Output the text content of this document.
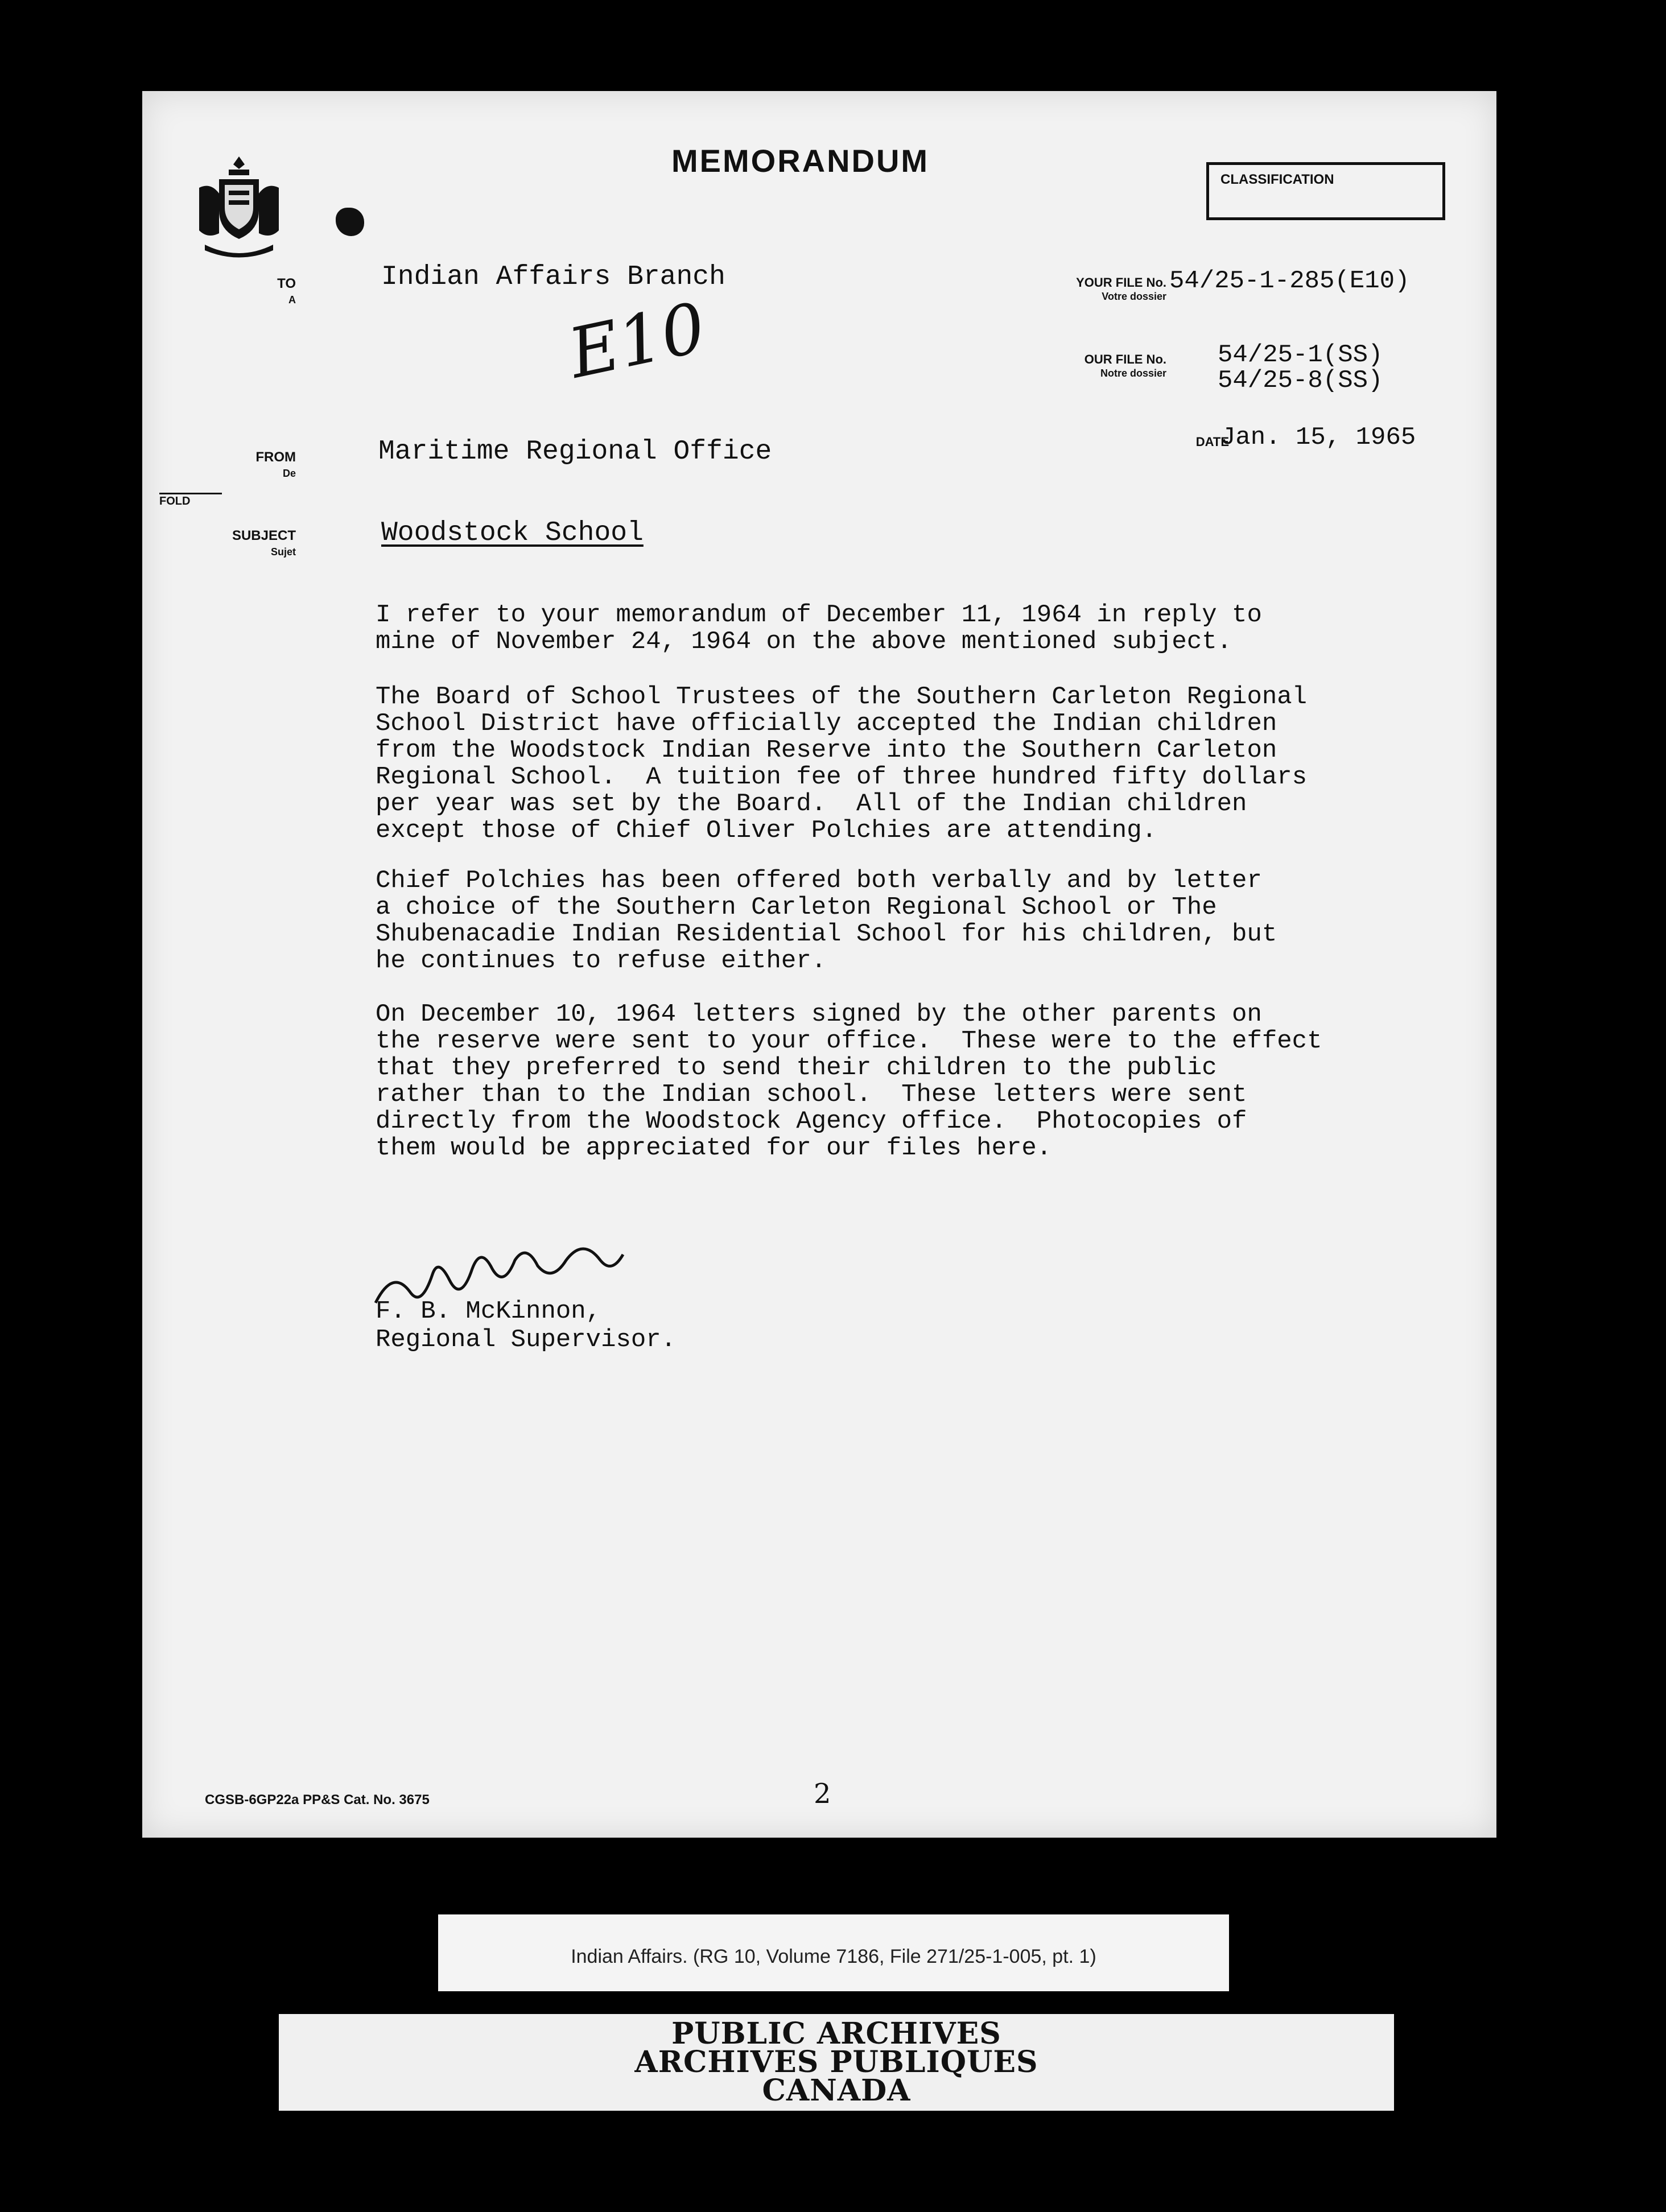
MEMORANDUM
CLASSIFICATION
TO
A
Indian Affairs Branch
E10
FROM
De
Maritime Regional Office
FOLD
SUBJECT
Sujet
Woodstock School
YOUR FILE No.
Votre dossier
54/25-1-285(E10)
OUR FILE No.
Notre dossier
54/25-1(SS)
54/25-8(SS)
DATE
Jan. 15, 1965
I refer to your memorandum of December 11, 1964 in reply to
mine of November 24, 1964 on the above mentioned subject.
The Board of School Trustees of the Southern Carleton Regional
School District have officially accepted the Indian children
from the Woodstock Indian Reserve into the Southern Carleton
Regional School.  A tuition fee of three hundred fifty dollars
per year was set by the Board.  All of the Indian children
except those of Chief Oliver Polchies are attending.
Chief Polchies has been offered both verbally and by letter
a choice of the Southern Carleton Regional School or The
Shubenacadie Indian Residential School for his children, but
he continues to refuse either.
On December 10, 1964 letters signed by the other parents on
the reserve were sent to your office.  These were to the effect
that they preferred to send their children to the public
rather than to the Indian school.  These letters were sent
directly from the Woodstock Agency office.  Photocopies of
them would be appreciated for our files here.
F. B. McKinnon,
Regional Supervisor.
CGSB-6GP22a PP&S Cat. No. 3675	2
Indian Affairs. (RG 10, Volume 7186, File 271/25-1-005, pt. 1)
PUBLIC ARCHIVES
ARCHIVES PUBLIQUES
CANADA
